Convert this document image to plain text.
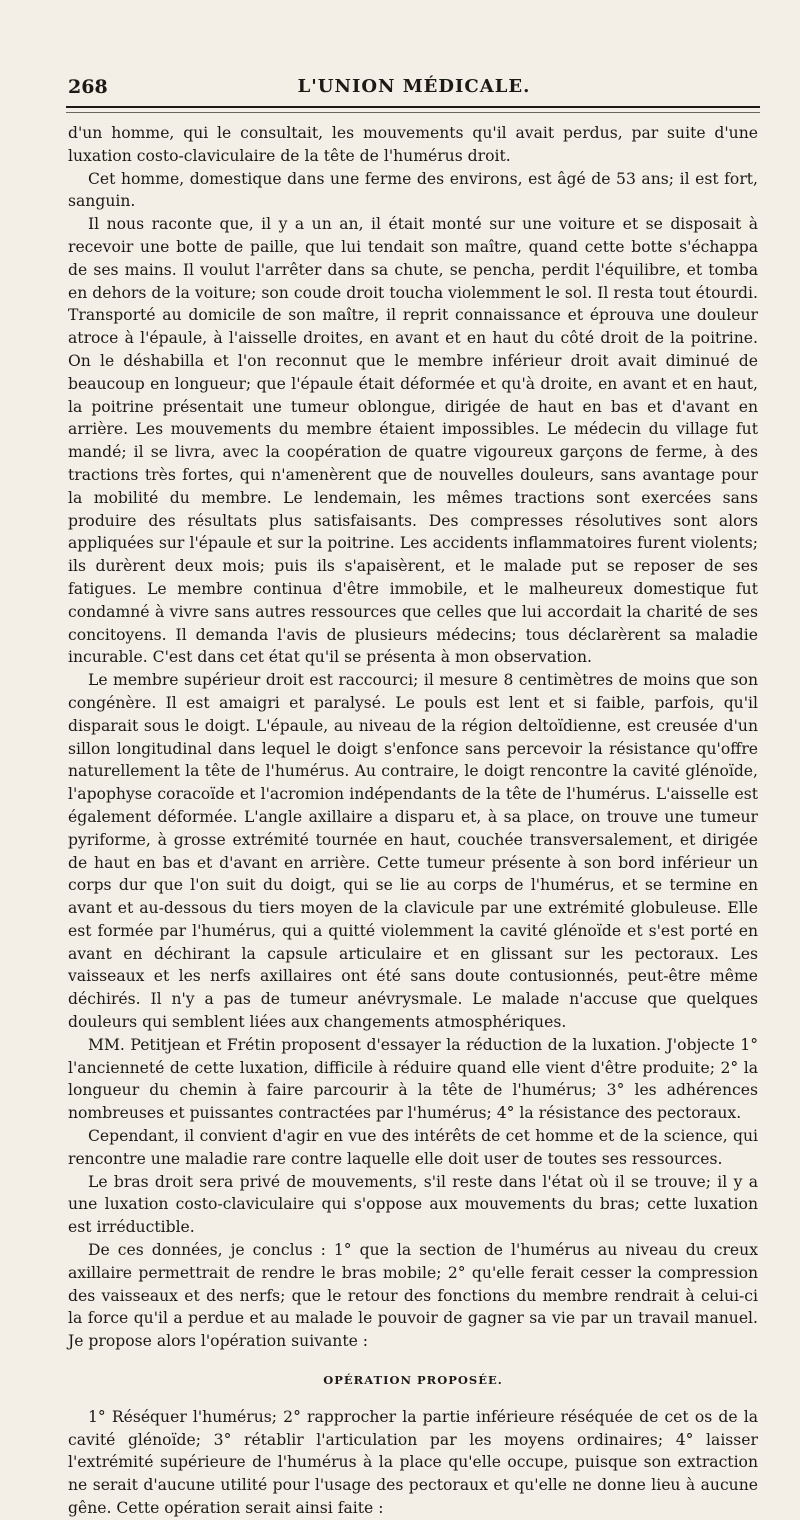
268	L'UNION MÉDICALE.

d'un homme, qui le consultait, les mouvements qu'il avait perdus, par suite d'une luxation costo-claviculaire de la tête de l'humérus droit.

Cet homme, domestique dans une ferme des environs, est âgé de 53 ans; il est fort, sanguin.

Il nous raconte que, il y a un an, il était monté sur une voiture et se disposait à recevoir une botte de paille, que lui tendait son maître, quand cette botte s'échappa de ses mains. Il voulut l'arrêter dans sa chute, se pencha, perdit l'équilibre, et tomba en dehors de la voiture; son coude droit toucha violemment le sol. Il resta tout étourdi. Transporté au domicile de son maître, il reprit connaissance et éprouva une douleur atroce à l'épaule, à l'aisselle droites, en avant et en haut du côté droit de la poitrine. On le déshabilla et l'on reconnut que le membre inférieur droit avait diminué de beaucoup en longueur; que l'épaule était déformée et qu'à droite, en avant et en haut, la poitrine présentait une tumeur oblongue, dirigée de haut en bas et d'avant en arrière. Les mouvements du membre étaient impossibles. Le médecin du village fut mandé; il se livra, avec la coopération de quatre vigoureux garçons de ferme, à des tractions très fortes, qui n'amenèrent que de nouvelles douleurs, sans avantage pour la mobilité du membre. Le lendemain, les mêmes tractions sont exercées sans produire des résultats plus satisfaisants. Des compresses résolutives sont alors appliquées sur l'épaule et sur la poitrine. Les accidents inflammatoires furent violents; ils durèrent deux mois; puis ils s'apaisèrent, et le malade put se reposer de ses fatigues. Le membre continua d'être immobile, et le malheureux domestique fut condamné à vivre sans autres ressources que celles que lui accordait la charité de ses concitoyens. Il demanda l'avis de plusieurs médecins; tous déclarèrent sa maladie incurable. C'est dans cet état qu'il se présenta à mon observation.

Le membre supérieur droit est raccourci; il mesure 8 centimètres de moins que son congénère. Il est amaigri et paralysé. Le pouls est lent et si faible, parfois, qu'il disparait sous le doigt. L'épaule, au niveau de la région deltoïdienne, est creusée d'un sillon longitudinal dans lequel le doigt s'enfonce sans percevoir la résistance qu'offre naturellement la tête de l'humérus. Au contraire, le doigt rencontre la cavité glénoïde, l'apophyse coracoïde et l'acromion indépendants de la tête de l'humérus. L'aisselle est également déformée. L'angle axillaire a disparu et, à sa place, on trouve une tumeur pyriforme, à grosse extrémité tournée en haut, couchée transversalement, et dirigée de haut en bas et d'avant en arrière. Cette tumeur présente à son bord inférieur un corps dur que l'on suit du doigt, qui se lie au corps de l'humérus, et se termine en avant et au-dessous du tiers moyen de la clavicule par une extrémité globuleuse. Elle est formée par l'humérus, qui a quitté violemment la cavité glénoïde et s'est porté en avant en déchirant la capsule articulaire et en glissant sur les pectoraux. Les vaisseaux et les nerfs axillaires ont été sans doute contusionnés, peut-être même déchirés. Il n'y a pas de tumeur anévrysmale. Le malade n'accuse que quelques douleurs qui semblent liées aux changements atmosphériques.

MM. Petitjean et Frétin proposent d'essayer la réduction de la luxation. J'objecte 1° l'ancienneté de cette luxation, difficile à réduire quand elle vient d'être produite; 2° la longueur du chemin à faire parcourir à la tête de l'humérus; 3° les adhérences nombreuses et puissantes contractées par l'humérus; 4° la résistance des pectoraux.

Cependant, il convient d'agir en vue des intérêts de cet homme et de la science, qui rencontre une maladie rare contre laquelle elle doit user de toutes ses ressources.

Le bras droit sera privé de mouvements, s'il reste dans l'état où il se trouve; il y a une luxation costo-claviculaire qui s'oppose aux mouvements du bras; cette luxation est irréductible.

De ces données, je conclus : 1° que la section de l'humérus au niveau du creux axillaire permettrait de rendre le bras mobile; 2° qu'elle ferait cesser la compression des vaisseaux et des nerfs; que le retour des fonctions du membre rendrait à celui-ci la force qu'il a perdue et au malade le pouvoir de gagner sa vie par un travail manuel. Je propose alors l'opération suivante :

OPÉRATION PROPOSÉE.

1° Réséquer l'humérus; 2° rapprocher la partie inférieure réséquée de cet os de la cavité glénoïde; 3° rétablir l'articulation par les moyens ordinaires; 4° laisser l'extrémité supérieure de l'humérus à la place qu'elle occupe, puisque son extraction ne serait d'aucune utilité pour l'usage des pectoraux et qu'elle ne donne lieu à aucune gêne. Cette opération serait ainsi faite :
